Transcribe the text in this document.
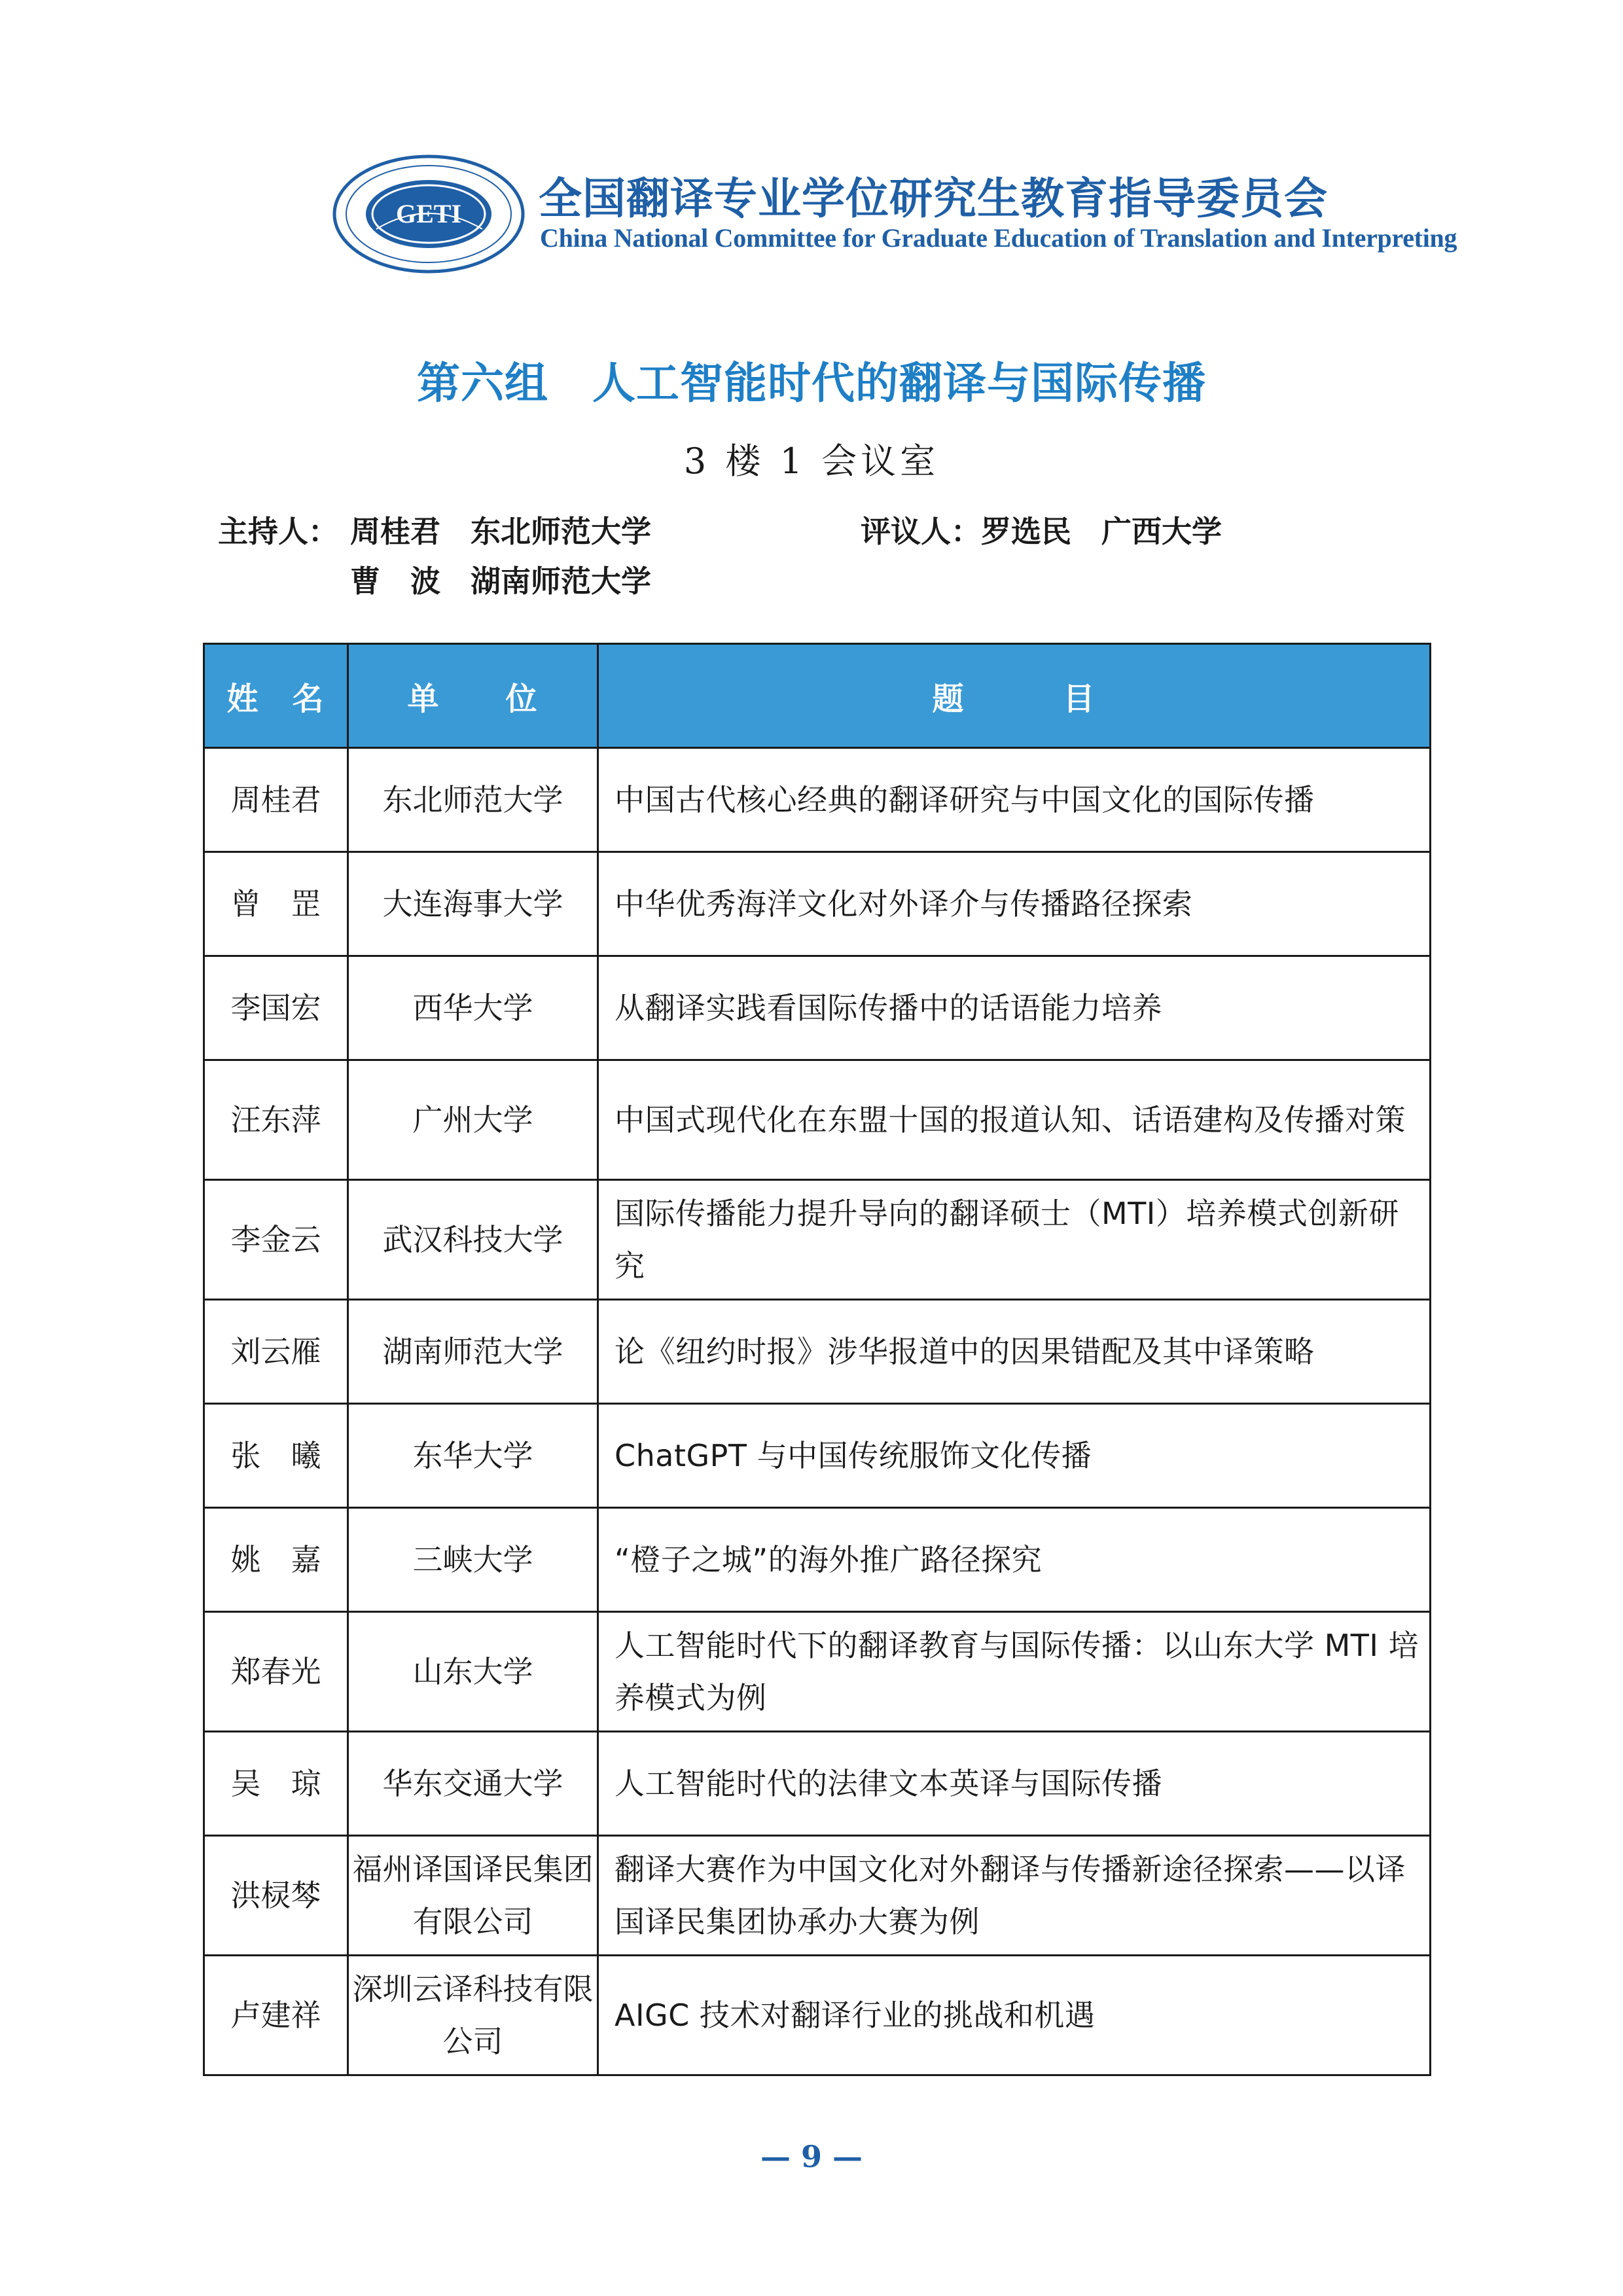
GETI 全国翻译专业学位研究生教育指导委员会
China National Committee for Graduate Education of Translation and Interpreting
第六组　人工智能时代的翻译与国际传播
3 楼 1 会议室
主持人： 周桂君　东北师范大学
曹　波　湖南师范大学
评议人：罗选民　广西大学
姓　名	单　　位	题　　　目
周桂君	东北师范大学	中国古代核心经典的翻译研究与中国文化的国际传播
曾　罡	大连海事大学	中华优秀海洋文化对外译介与传播路径探索
李国宏	西华大学	从翻译实践看国际传播中的话语能力培养
汪东萍	广州大学	中国式现代化在东盟十国的报道认知、话语建构及传播对策
李金云	武汉科技大学	国际传播能力提升导向的翻译硕士（MTI）培养模式创新研究
刘云雁	湖南师范大学	论《纽约时报》涉华报道中的因果错配及其中译策略
张　曦	东华大学	ChatGPT 与中国传统服饰文化传播
姚　嘉	三峡大学	“橙子之城”的海外推广路径探究
郑春光	山东大学	人工智能时代下的翻译教育与国际传播：以山东大学 MTI 培养模式为例
吴　琼	华东交通大学	人工智能时代的法律文本英译与国际传播
洪棂棽	福州译国译民集团有限公司	翻译大赛作为中国文化对外翻译与传播新途径探索——以译国译民集团协承办大赛为例
卢建祥	深圳云译科技有限公司	AIGC 技术对翻译行业的挑战和机遇
— 9 —
